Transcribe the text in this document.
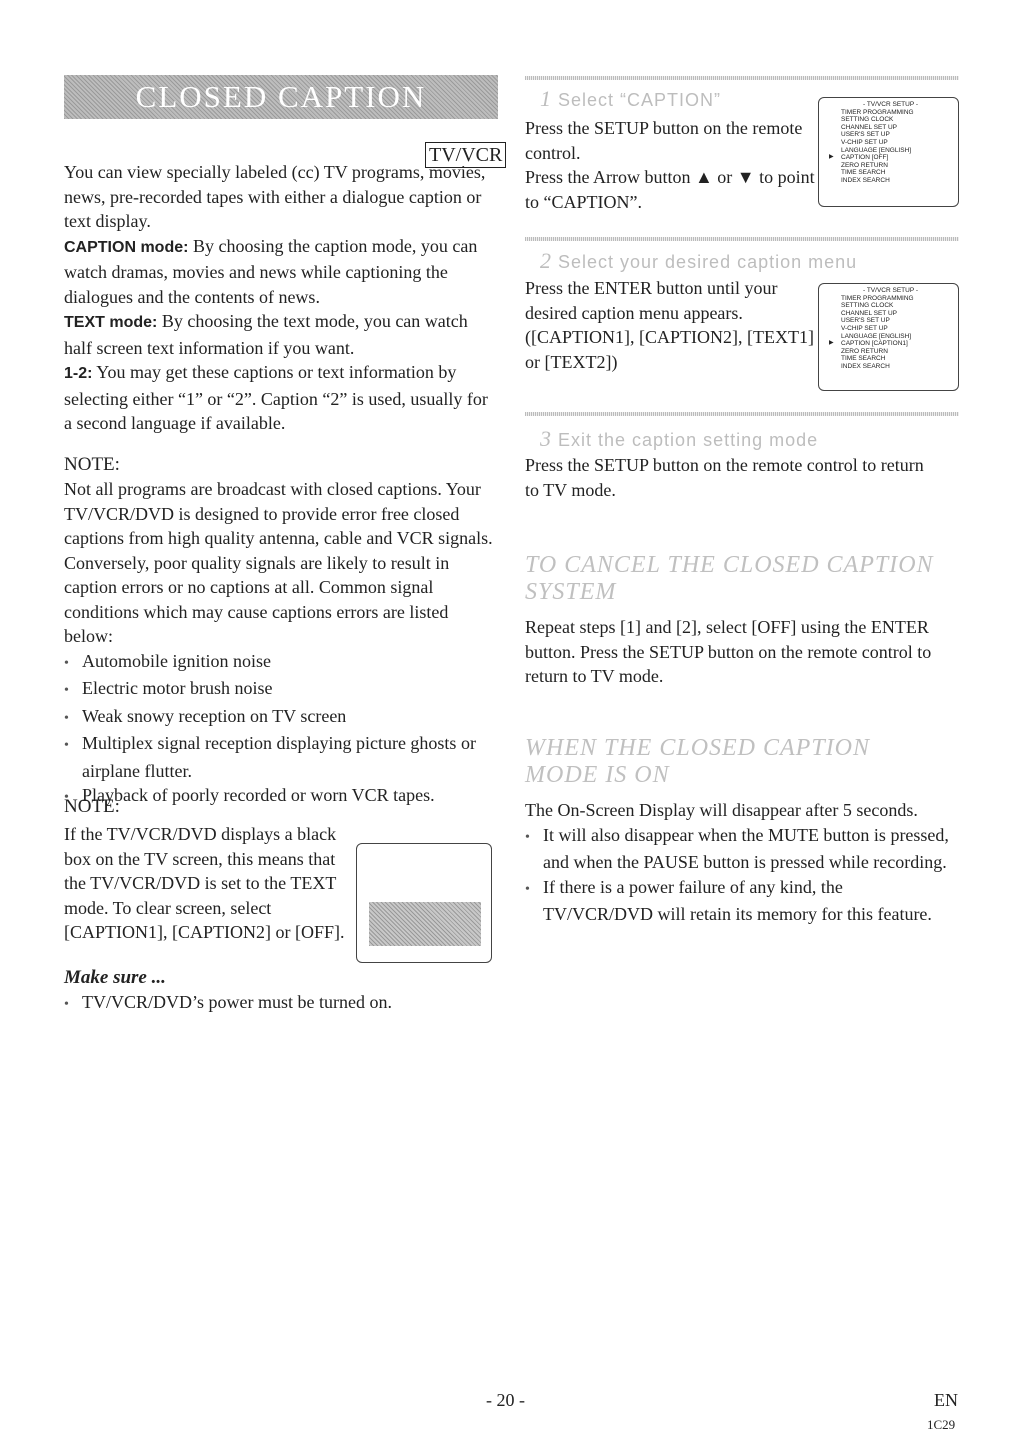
CLOSED CAPTION SYSTEM	TV/VCR

You can view specially labeled (cc) TV programs, movies, news, pre-recorded tapes with either a dialogue caption or text display.

CAPTION mode: By choosing the caption mode, you can watch dramas, movies and news while captioning the dialogues and the contents of news.

TEXT mode: By choosing the text mode, you can watch half screen text information if you want.

1-2: You may get these captions or text information by selecting either “1” or “2”. Caption “2” is used, usually for a second language if available.

NOTE:

Not all programs are broadcast with closed captions. Your TV/VCR/DVD is designed to provide error free closed captions from high quality antenna, cable and VCR signals. Conversely, poor quality signals are likely to result in caption errors or no captions at all. Common signal conditions which may cause captions errors are listed below:

• Automobile ignition noise
• Electric motor brush noise
• Weak snowy reception on TV screen
• Multiplex signal reception displaying picture ghosts or airplane flutter.
• Playback of poorly recorded or worn VCR tapes.
NOTE:

If the TV/VCR/DVD displays a black box on the TV screen, this means that the TV/VCR/DVD is set to the TEXT mode. To clear screen, select [CAPTION1], [CAPTION2] or [OFF].

Make sure ...
• TV/VCR/DVD’s power must be turned on.
1 Select “CAPTION”

Press the SETUP button on the remote control.

Press the Arrow button ▲ or ▼ to point to “CAPTION”.

- TV/VCR SETUP -
TIMER PROGRAMMING
SETTING CLOCK
CHANNEL SET UP
USER'S SET UP
V-CHIP SET UP
LANGUAGE [ENGLISH]
▶ CAPTION [OFF]
ZERO RETURN
TIME SEARCH
INDEX SEARCH
2 Select your desired caption menu

Press the ENTER button until your desired caption menu appears. ([CAPTION1], [CAPTION2], [TEXT1] or [TEXT2])

- TV/VCR SETUP -
TIMER PROGRAMMING
SETTING CLOCK
CHANNEL SET UP
USER'S SET UP
V-CHIP SET UP
LANGUAGE [ENGLISH]
▶ CAPTION [CAPTION1]
ZERO RETURN
TIME SEARCH
INDEX SEARCH
3 Exit the caption setting mode

Press the SETUP button on the remote control to return to TV mode.

TO CANCEL THE CLOSED CAPTION SYSTEM

Repeat steps [1] and [2], select [OFF] using the ENTER button. Press the SETUP button on the remote control to return to TV mode.

WHEN THE CLOSED CAPTION MODE IS ON

The On-Screen Display will disappear after 5 seconds.

• It will also disappear when the MUTE button is pressed, and when the PAUSE button is pressed while recording.
• If there is a power failure of any kind, the TV/VCR/DVD will retain its memory for this feature.
- 20 -	EN
1C29
